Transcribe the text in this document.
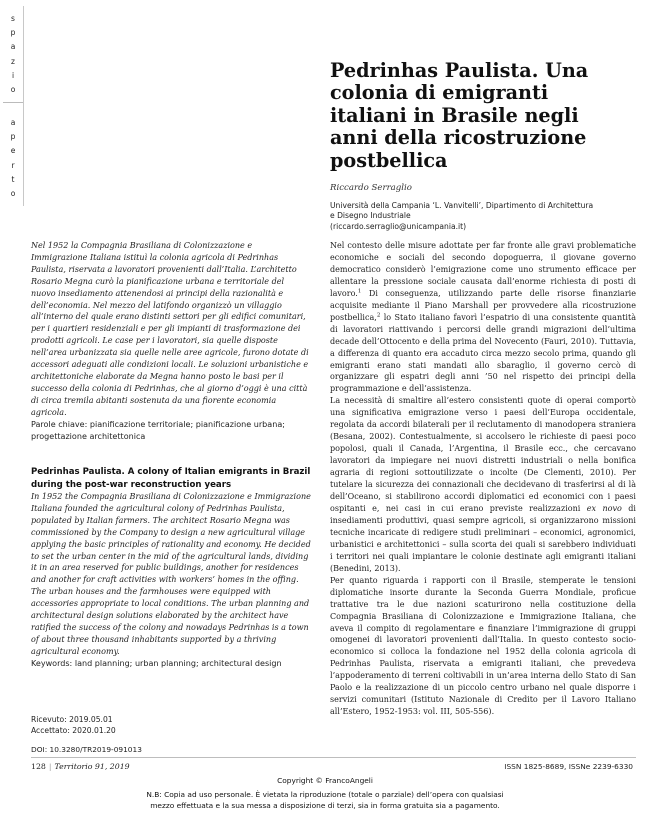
s
p
a
z
i
o
a
p
e
r
t
o
Pedrinhas Paulista. Una colonia di emigranti italiani in Brasile negli anni della ricostruzione postbellica
Riccardo Serraglio
Università della Campania ‘L. Vanvitelli’, Dipartimento di Architettura
e Disegno Industriale
(riccardo.serraglio@unicampania.it)
Nel 1952 la Compagnia Brasiliana di Colonizzazione e Immigrazione Italiana istituì la colonia agricola di Pedrinhas Paulista, riservata a lavoratori provenienti dall’Italia. L’architetto Rosario Megna curò la pianificazione urbana e territoriale del nuovo insediamento attenendosi ai principi della razionalità e dell’economia. Nel mezzo del latifondo organizzò un villaggio all’interno del quale erano distinti settori per gli edifici comunitari, per i quartieri residenziali e per gli impianti di trasformazione dei prodotti agricoli. Le case per i lavoratori, sia quelle disposte nell’area urbanizzata sia quelle nelle aree agricole, furono dotate di accessori adeguati alle condizioni locali. Le soluzioni urbanistiche e architettoniche elaborate da Megna hanno posto le basi per il successo della colonia di Pedrinhas, che al giorno d’oggi è una città di circa tremila abitanti sostenuta da una fiorente economia agricola.
Parole chiave: pianificazione territoriale; pianificazione urbana; progettazione architettonica
Pedrinhas Paulista. A colony of Italian emigrants in Brazil during the post-war reconstruction years
In 1952 the Compagnia Brasiliana di Colonizzazione e Immigrazione Italiana founded the agricultural colony of Pedrinhas Paulista, populated by Italian farmers. The architect Rosario Megna was commissioned by the Company to design a new agricultural village applying the basic principles of rationality and economy. He decided to set the urban center in the mid of the agricultural lands, dividing it in an area reserved for public buildings, another for residences and another for craft activities with workers’ homes in the offing. The urban houses and the farmhouses were equipped with accessories appropriate to local conditions. The urban planning and architectural design solutions elaborated by the architect have ratified the success of the colony and nowadays Pedrinhas is a town of about three thousand inhabitants supported by a thriving agricultural economy.
Keywords: land planning; urban planning; architectural design

Nel contesto delle misure adottate per far fronte alle gravi problematiche economiche e sociali del secondo dopoguerra, il giovane governo democratico considerò l’emigrazione come uno strumento efficace per allentare la pressione sociale causata dall’enorme richiesta di posti di lavoro.$^1$ Di conseguenza, utilizzando parte delle risorse finanziarie acquisite mediante il Piano Marshall per provvedere alla ricostruzione postbellica,$^2$ lo Stato italiano favorì l’espatrio di una consistente quantità di lavoratori riattivando i percorsi delle grandi migrazioni dell’ultima decade dell’Ottocento e della prima del Novecento (Fauri, 2010). Tuttavia, a differenza di quanto era accaduto circa mezzo secolo prima, quando gli emigranti erano stati mandati allo sbaraglio, il governo cercò di organizzare gli espatri degli anni ’50 nel rispetto dei principi della programmazione e dell’assistenza.

La necessità di smaltire all’estero consistenti quote di operai comportò una significativa emigrazione verso i paesi dell’Europa occidentale, regolata da accordi bilaterali per il reclutamento di manodopera straniera (Besana, 2002). Contestualmente, si accolsero le richieste di paesi poco popolosi, quali il Canada, l’Argentina, il Brasile ecc., che cercavano lavoratori da impiegare nei nuovi distretti industriali o nella bonifica agraria di regioni sottoutilizzate o incolte (De Clementi, 2010). Per tutelare la sicurezza dei connazionali che decidevano di trasferirsi al di là dell’Oceano, si stabilirono accordi diplomatici ed economici con i paesi ospitanti e, nei casi in cui erano previste realizzazioni ex novo di insediamenti produttivi, quasi sempre agricoli, si organizzarono missioni tecniche incaricate di redigere studi preliminari – economici, agronomici, urbanistici e architettonici – sulla scorta dei quali si sarebbero individuati i territori nei quali impiantare le colonie destinate agli emigranti italiani (Benedini, 2013).

Per quanto riguarda i rapporti con il Brasile, stemperate le tensioni diplomatiche insorte durante la Seconda Guerra Mondiale, proficue trattative tra le due nazioni scaturirono nella costituzione della Compagnia Brasiliana di Colonizzazione e Immigrazione Italiana, che aveva il compito di regolamentare e finanziare l’immigrazione di gruppi omogenei di lavoratori provenienti dall’Italia. In questo contesto socio-economico si colloca la fondazione nel 1952 della colonia agricola di Pedrinhas Paulista, riservata a emigranti italiani, che prevedeva l’appoderamento di terreni coltivabili in un’area interna dello Stato di San Paolo e la realizzazione di un piccolo centro urbano nel quale disporre i servizi comunitari (Istituto Nazionale di Credito per il Lavoro Italiano all’Estero, 1952-1953: vol. III, 505-556).

Ricevuto: 2019.05.01
Accettato: 2020.01.20
DOI: 10.3280/TR2019-091013
128 | Territorio 91, 2019
Copyright © FrancoAngeli
ISSN 1825-8689, ISSNe 2239-6330
N.B: Copia ad uso personale. È vietata la riproduzione (totale o parziale) dell’opera con qualsiasi
mezzo effettuata e la sua messa a disposizione di terzi, sia in forma gratuita sia a pagamento.
